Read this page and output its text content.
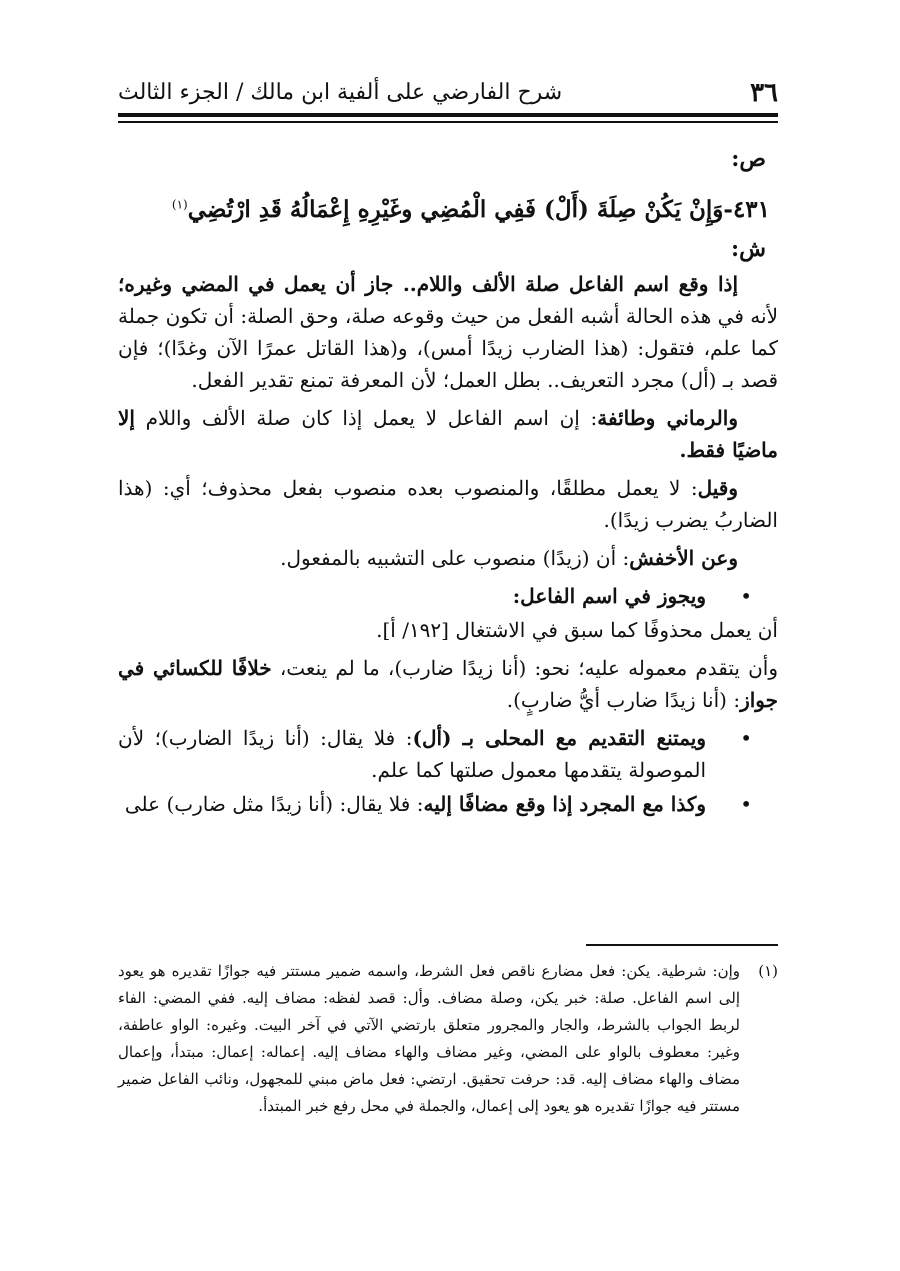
٣٦
شرح الفارضي على ألفية ابن مالك / الجزء الثالث
ص:
٤٣١-وَإِنْ يَكُنْ صِلَةَ (أَلْ) فَفِي الْمُضِي وغَيْرِهِ إِعْمَالُهُ قَدِ ارْتُضِي$^{(١)}$
ش:

إذا وقع اسم الفاعل صلة الألف واللام.. جاز أن يعمل في المضي وغيره؛ لأنه في هذه الحالة أشبه الفعل من حيث وقوعه صلة، وحق الصلة: أن تكون جملة كما علم، فتقول: (هذا الضارب زيدًا أمس)، و(هذا القاتل عمرًا الآن وغدًا)؛ فإن قصد بـ (أل) مجرد التعريف.. بطل العمل؛ لأن المعرفة تمنع تقدير الفعل.

والرماني وطائفة: إن اسم الفاعل لا يعمل إذا كان صلة الألف واللام إلا ماضيًا فقط.

وقيل: لا يعمل مطلقًا، والمنصوب بعده منصوب بفعل محذوف؛ أي: (هذا الضاربُ يضرب زيدًا).

وعن الأخفش: أن (زيدًا) منصوب على التشبيه بالمفعول.

•
ويجوز في اسم الفاعل:

أن يعمل محذوفًا كما سبق في الاشتغال [١٩٢/ أ].

وأن يتقدم معموله عليه؛ نحو: (أنا زيدًا ضارب)، ما لم ينعت، خلافًا للكسائي في جواز: (أنا زيدًا ضارب أيُّ ضاربٍ).

•
ويمتنع التقديم مع المحلى بـ (أل): فلا يقال: (أنا زيدًا الضارب)؛ لأن الموصولة يتقدمها معمول صلتها كما علم.
•
وكذا مع المجرد إذا وقع مضافًا إليه: فلا يقال: (أنا زيدًا مثل ضارب) على
(١)
وإن: شرطية. يكن: فعل مضارع ناقص فعل الشرط، واسمه ضمير مستتر فيه جوازًا تقديره هو يعود إلى اسم الفاعل. صلة: خبر يكن، وصلة مضاف. وأل: قصد لفظه: مضاف إليه. ففي المضي: الفاء لربط الجواب بالشرط، والجار والمجرور متعلق بارتضي الآتي في آخر البيت. وغيره: الواو عاطفة، وغير: معطوف بالواو على المضي، وغير مضاف والهاء مضاف إليه. إعماله: إعمال: مبتدأ، وإعمال مضاف والهاء مضاف إليه. قد: حرفت تحقيق. ارتضي: فعل ماض مبني للمجهول، ونائب الفاعل ضمير مستتر فيه جوازًا تقديره هو يعود إلى إعمال، والجملة في محل رفع خبر المبتدأ.
